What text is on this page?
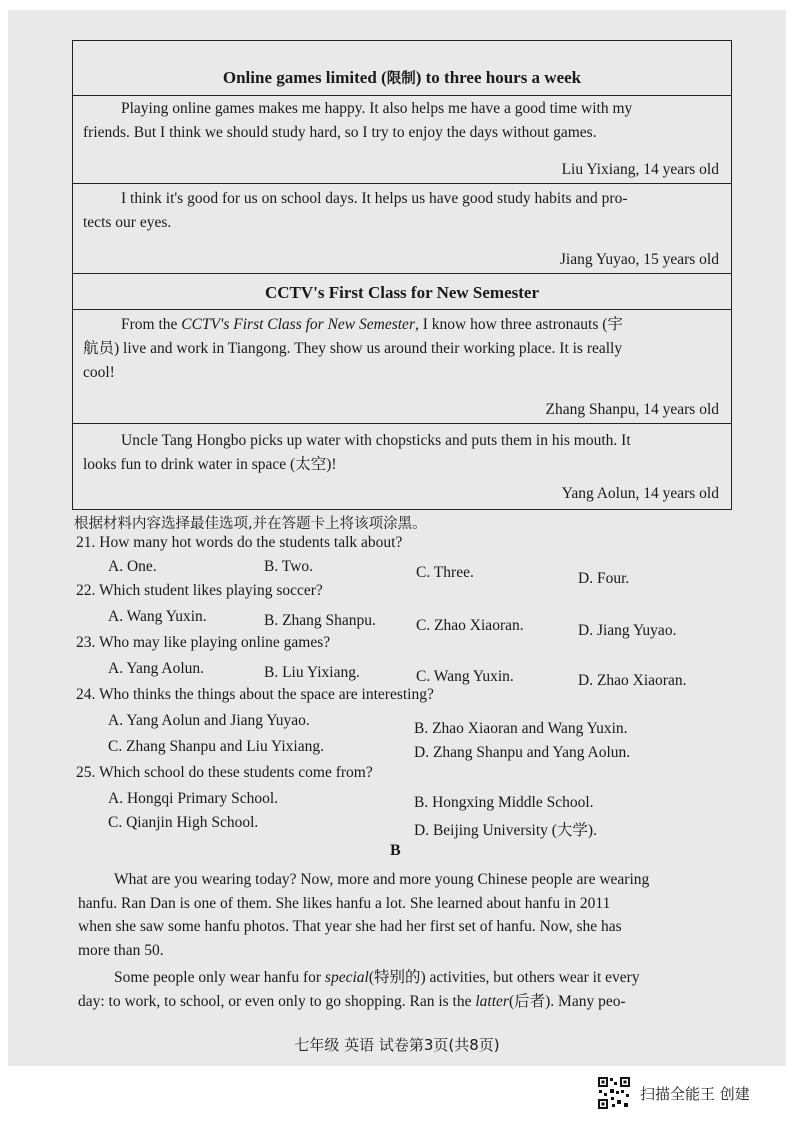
Online games limited (限制) to three hours a week
Playing online games makes me happy. It also helps me have a good time with my
friends. But I think we should study hard, so I try to enjoy the days without games.
Liu Yixiang, 14 years old
I think it's good for us on school days. It helps us have good study habits and pro-
tects our eyes.
Jiang Yuyao, 15 years old
CCTV's First Class for New Semester
From the CCTV's First Class for New Semester, I know how three astronauts (宇
航员) live and work in Tiangong. They show us around their working place. It is really
cool!
Zhang Shanpu, 14 years old
Uncle Tang Hongbo picks up water with chopsticks and puts them in his mouth. It
looks fun to drink water in space (太空)!
Yang Aolun, 14 years old
根据材料内容选择最佳选项,并在答题卡上将该项涂黑。
21. How many hot words do the students talk about?
A. One.	B. Two.	C. Three.	D. Four.
22. Which student likes playing soccer?
A. Wang Yuxin.	B. Zhang Shanpu.	C. Zhao Xiaoran.	D. Jiang Yuyao.
23. Who may like playing online games?
A. Yang Aolun.	B. Liu Yixiang.	C. Wang Yuxin.	D. Zhao Xiaoran.
24. Who thinks the things about the space are interesting?
A. Yang Aolun and Jiang Yuyao.	B. Zhao Xiaoran and Wang Yuxin.
C. Zhang Shanpu and Liu Yixiang.	D. Zhang Shanpu and Yang Aolun.
25. Which school do these students come from?
A. Hongqi Primary School.	B. Hongxing Middle School.
C. Qianjin High School.	D. Beijing University (大学).
B
What are you wearing today? Now, more and more young Chinese people are wearing
hanfu. Ran Dan is one of them. She likes hanfu a lot. She learned about hanfu in 2011
when she saw some hanfu photos. That year she had her first set of hanfu. Now, she has
more than 50.
Some people only wear hanfu for special(特别的) activities, but others wear it every
day: to work, to school, or even only to go shopping. Ran is the latter(后者). Many peo-
七年级 英语 试卷第3页(共8页)
扫描全能王 创建
